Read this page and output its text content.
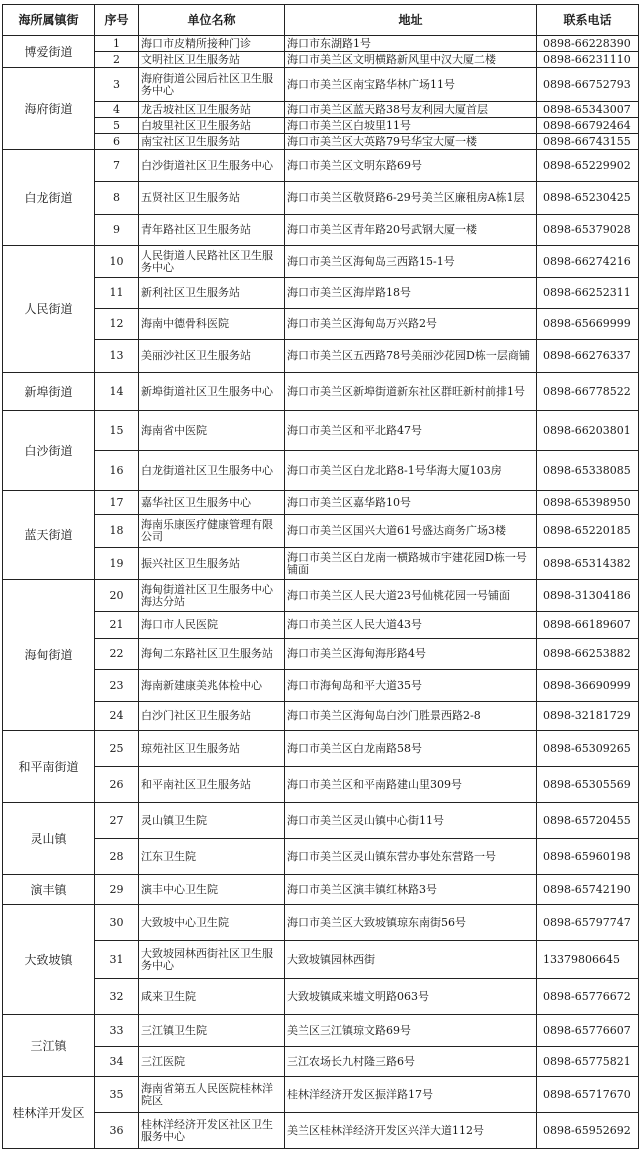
海所属镇街	序号	单位名称	地址	联系电话
博爱街道	1	海口市皮精所接种门诊	海口市东湖路1号	0898-66228390
	2	文明社区卫生服务站	海口市美兰区文明横路新风里中汉大厦二楼	0898-66231110
海府街道	3	海府街道公园后社区卫生服务中心	海口市美兰区南宝路华林广场11号	0898-66752793
	4	龙舌坡社区卫生服务站	海口市美兰区蓝天路38号友利园大厦首层	0898-65343007
	5	白坡里社区卫生服务站	海口市美兰区白坡里11号	0898-66792464
	6	南宝社区卫生服务站	海口市美兰区大英路79号华宝大厦一楼	0898-66743155
白龙街道	7	白沙街道社区卫生服务中心	海口市美兰区文明东路69号	0898-65229902
	8	五贤社区卫生服务站	海口市美兰区敬贤路6-29号美兰区廉租房A栋1层	0898-65230425
	9	青年路社区卫生服务站	海口市美兰区青年路20号武钢大厦一楼	0898-65379028
人民街道	10	人民街道人民路社区卫生服务中心	海口市美兰区海甸岛三西路15-1号	0898-66274216
	11	新利社区卫生服务站	海口市美兰区海岸路18号	0898-66252311
	12	海南中德骨科医院	海口市美兰区海甸岛万兴路2号	0898-65669999
	13	美丽沙社区卫生服务站	海口市美兰区五西路78号美丽沙花园D栋一层商铺	0898-66276337
新埠街道	14	新埠街道社区卫生服务中心	海口市美兰区新埠街道新东社区群旺新村前排1号	0898-66778522
白沙街道	15	海南省中医院	海口市美兰区和平北路47号	0898-66203801
	16	白龙街道社区卫生服务中心	海口市美兰区白龙北路8-1号华海大厦103房	0898-65338085
蓝天街道	17	嘉华社区卫生服务中心	海口市美兰区嘉华路10号	0898-65398950
	18	海南乐康医疗健康管理有限公司	海口市美兰区国兴大道61号盛达商务广场3楼	0898-65220185
	19	振兴社区卫生服务站	海口市美兰区白龙南一横路城市宇建花园D栋一号铺面	0898-65314382
海甸街道	20	海甸街道社区卫生服务中心海达分站	海口市美兰区人民大道23号仙桃花园一号铺面	0898-31304186
	21	海口市人民医院	海口市美兰区人民大道43号	0898-66189607
	22	海甸二东路社区卫生服务站	海口市美兰区海甸海彤路4号	0898-66253882
	23	海南新建康美兆体检中心	海口市海甸岛和平大道35号	0898-36690999
	24	白沙门社区卫生服务站	海口市美兰区海甸岛白沙门胜景西路2-8	0898-32181729
和平南街道	25	琼苑社区卫生服务站	海口市美兰区白龙南路58号	0898-65309265
	26	和平南社区卫生服务站	海口市美兰区和平南路建山里309号	0898-65305569
灵山镇	27	灵山镇卫生院	海口市美兰区灵山镇中心街11号	0898-65720455
	28	江东卫生院	海口市美兰区灵山镇东营办事处东营路一号	0898-65960198
演丰镇	29	演丰中心卫生院	海口市美兰区演丰镇红林路3号	0898-65742190
大致坡镇	30	大致坡中心卫生院	海口市美兰区大致坡镇琼东南街56号	0898-65797747
	31	大致坡园林西街社区卫生服务中心	大致坡镇园林西街	13379806645
	32	咸来卫生院	大致坡镇咸来墟文明路063号	0898-65776672
三江镇	33	三江镇卫生院	美兰区三江镇琼文路69号	0898-65776607
	34	三江医院	三江农场长九村隆三路6号	0898-65775821
桂林洋开发区	35	海南省第五人民医院桂林洋院区	桂林洋经济开发区振洋路17号	0898-65717670
	36	桂林洋经济开发区社区卫生服务中心	美兰区桂林洋经济开发区兴洋大道112号	0898-65952692
